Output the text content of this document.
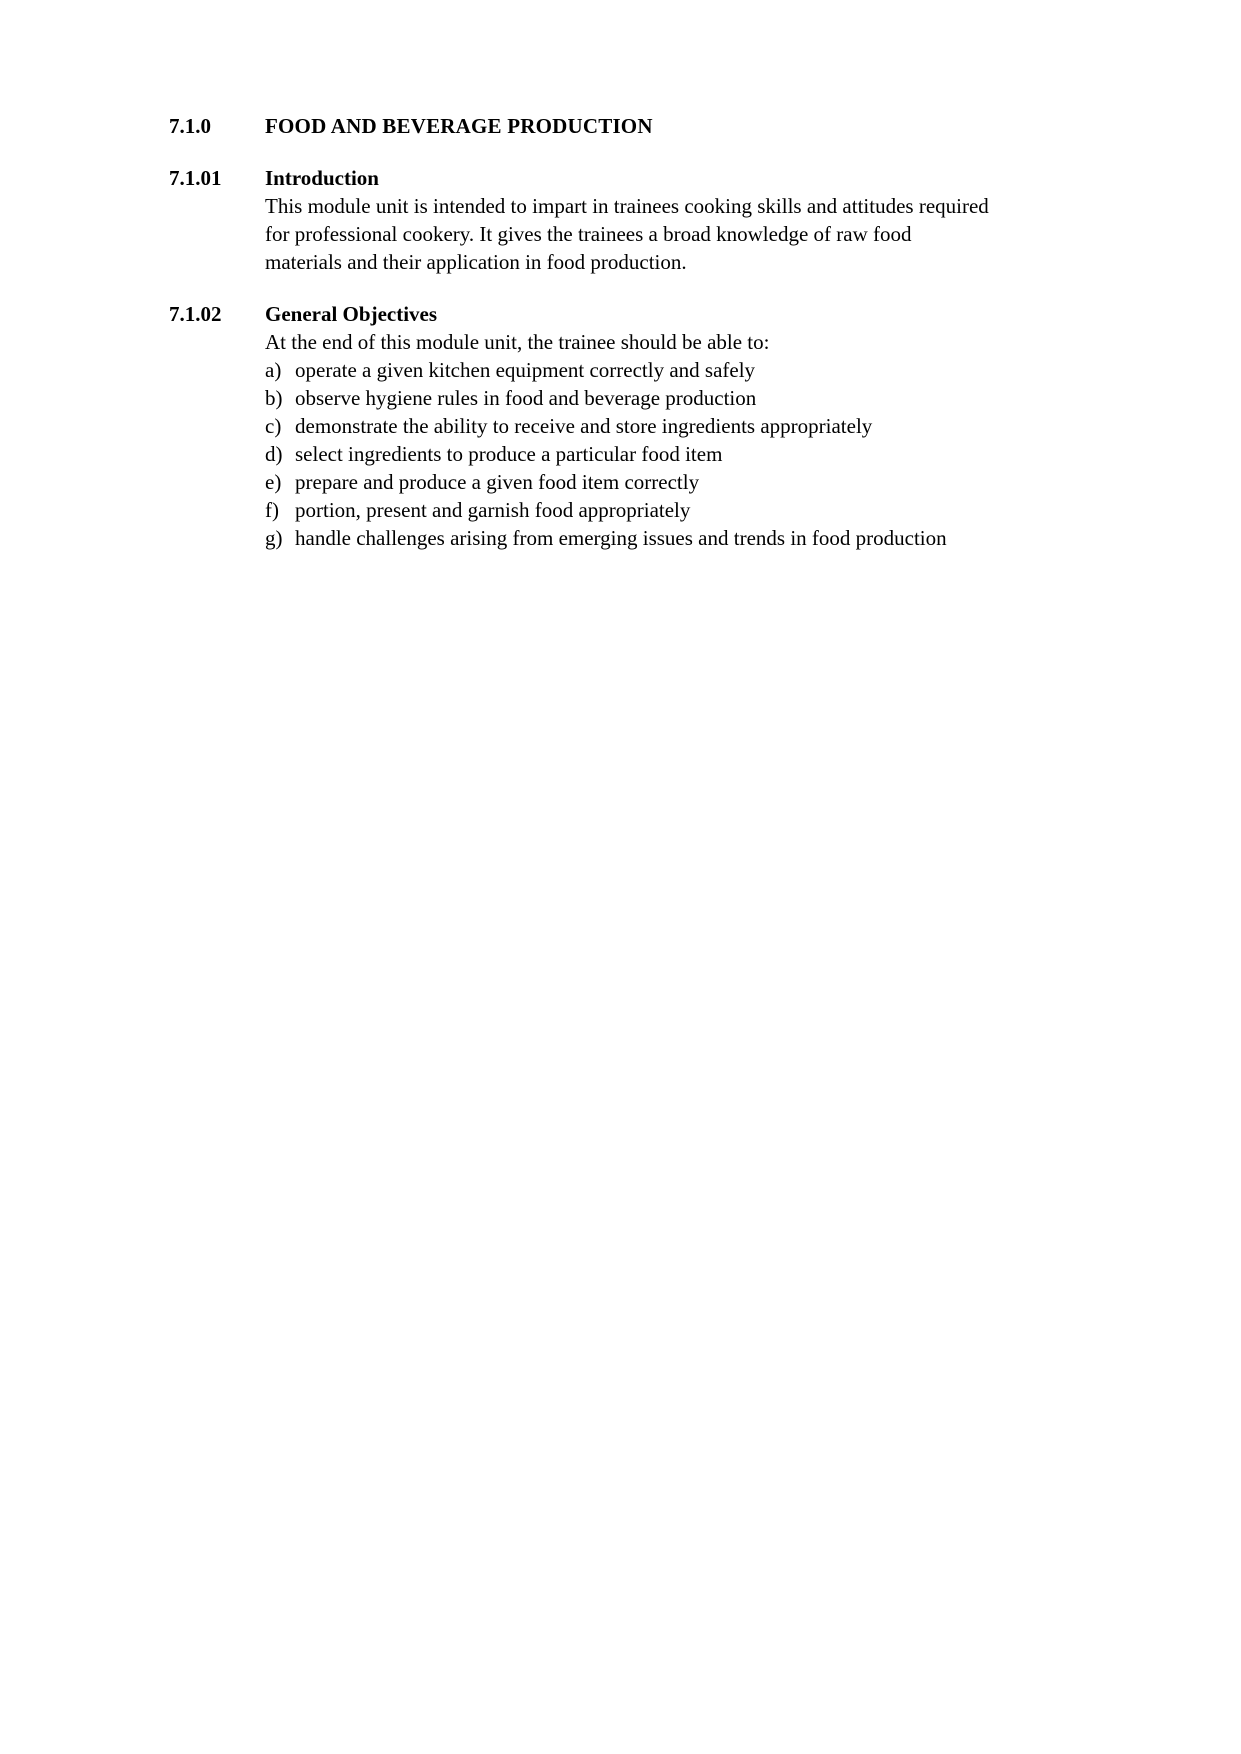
7.1.0	FOOD AND BEVERAGE PRODUCTION
7.1.01	Introduction
This module unit is intended to impart in trainees cooking skills and attitudes required
for professional cookery. It gives the trainees a broad knowledge of raw food
materials and their application in food production.
7.1.02	General Objectives
At the end of this module unit, the trainee should be able to:
a) operate a given kitchen equipment correctly and safely
b) observe hygiene rules in food and beverage production
c) demonstrate the ability to receive and store ingredients appropriately
d) select ingredients to produce a particular food item
e) prepare and produce a given food item correctly
f) portion, present and garnish food appropriately
g) handle challenges arising from emerging issues and trends in food production
